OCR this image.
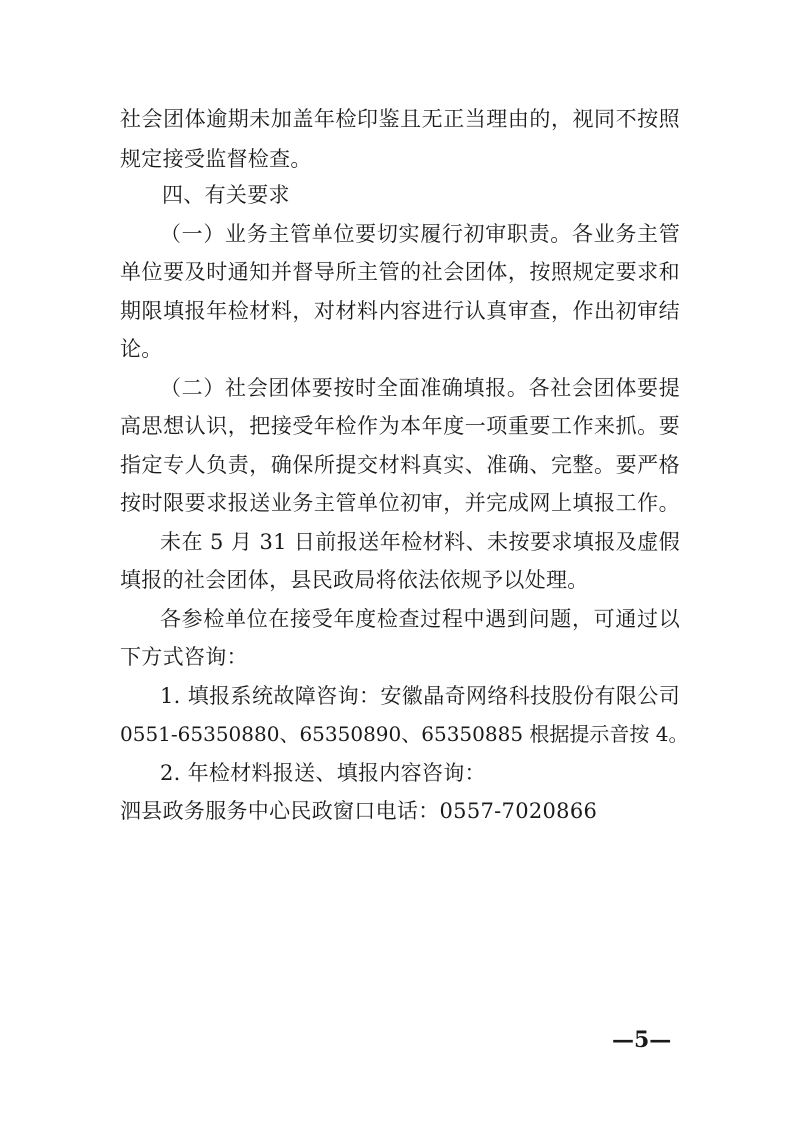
社会团体逾期未加盖年检印鉴且无正当理由的，视同不按照
规定接受监督检查。
四、有关要求
（一）业务主管单位要切实履行初审职责。各业务主管
单位要及时通知并督导所主管的社会团体，按照规定要求和
期限填报年检材料，对材料内容进行认真审查，作出初审结
论。
（二）社会团体要按时全面准确填报。各社会团体要提
高思想认识，把接受年检作为本年度一项重要工作来抓。要
指定专人负责，确保所提交材料真实、准确、完整。要严格
按时限要求报送业务主管单位初审，并完成网上填报工作。
未在 5 月 31 日前报送年检材料、未按要求填报及虚假
填报的社会团体，县民政局将依法依规予以处理。
各参检单位在接受年度检查过程中遇到问题，可通过以
下方式咨询：
1. 填报系统故障咨询：安徽晶奇网络科技股份有限公司
0551-65350880、65350890、65350885 根据提示音按 4。
2. 年检材料报送、填报内容咨询：
泗县政务服务中心民政窗口电话：0557-7020866
—5—
